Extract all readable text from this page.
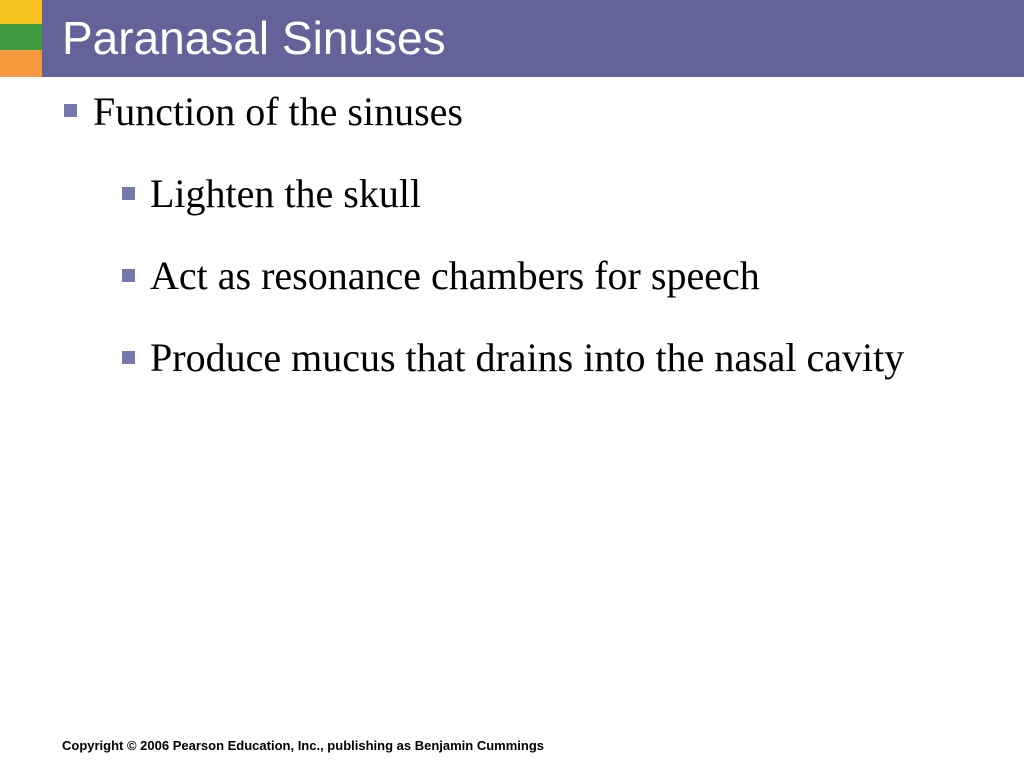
Paranasal Sinuses
Function of the sinuses
Lighten the skull
Act as resonance chambers for speech
Produce mucus that drains into the nasal cavity
Copyright © 2006 Pearson Education, Inc., publishing as Benjamin Cummings
